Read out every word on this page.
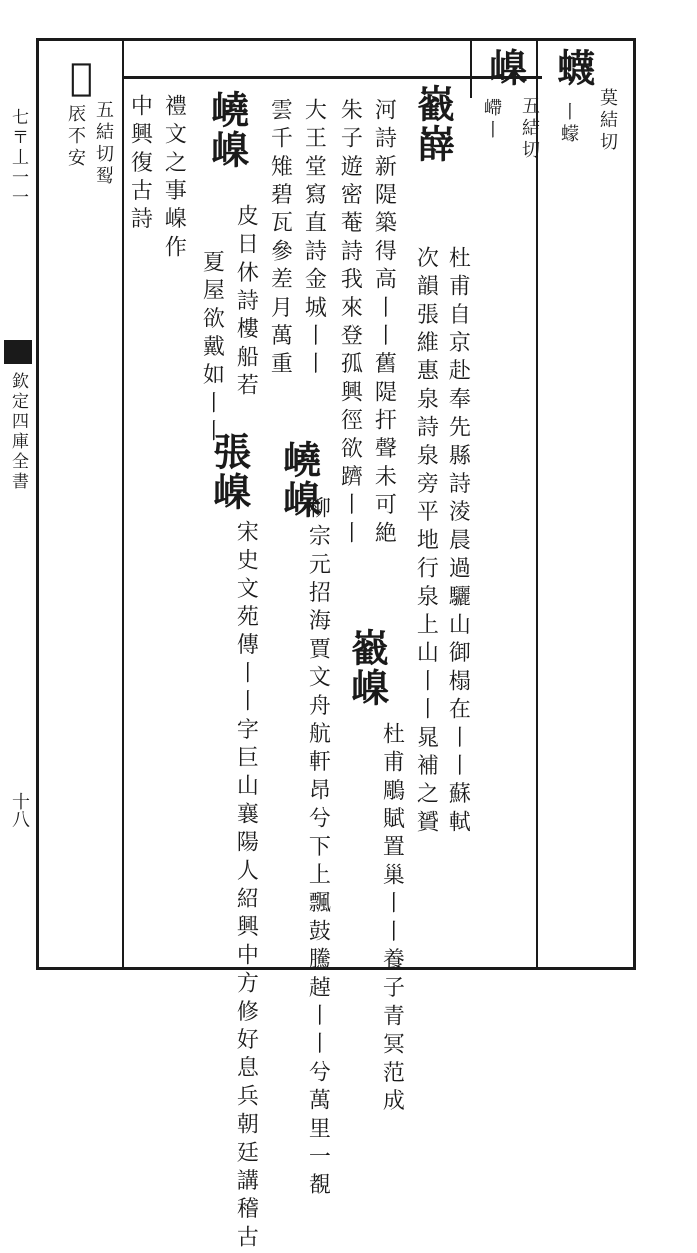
蠛
莫結切
丨蠓
嵲
五結切
嵽丨
𡌌
五結切䴕
㕈不安
杜甫自京赴奉先縣詩淩晨過驪山御榻在丨丨蘇軾
次韻張維惠泉詩泉旁平地行泉上山丨丨晁補之贇
巀嶭
河詩新隄築得高丨丨舊隄扞聲未可絶
朱子遊密菴詩我來登孤興徑欲躋丨丨
大王堂寫直詩金城丨丨
雲千雉碧瓦參差月萬重
皮日休詩樓船若
嶢嵲
夏屋欲戴如丨丨
禮文之事嵲作
中興復古詩
巀嵲
杜甫鵰賦置巢丨丨養子青冥范成
嶢嵲
柳宗元招海賈文舟航軒昂兮下上飄鼓騰趠丨丨兮萬里一覩
張嵲
宋史文苑傳丨丨字巨山襄陽人紹興中方修好息兵朝廷講稽古
七〒丄一一
欽定四庫全書
十八
